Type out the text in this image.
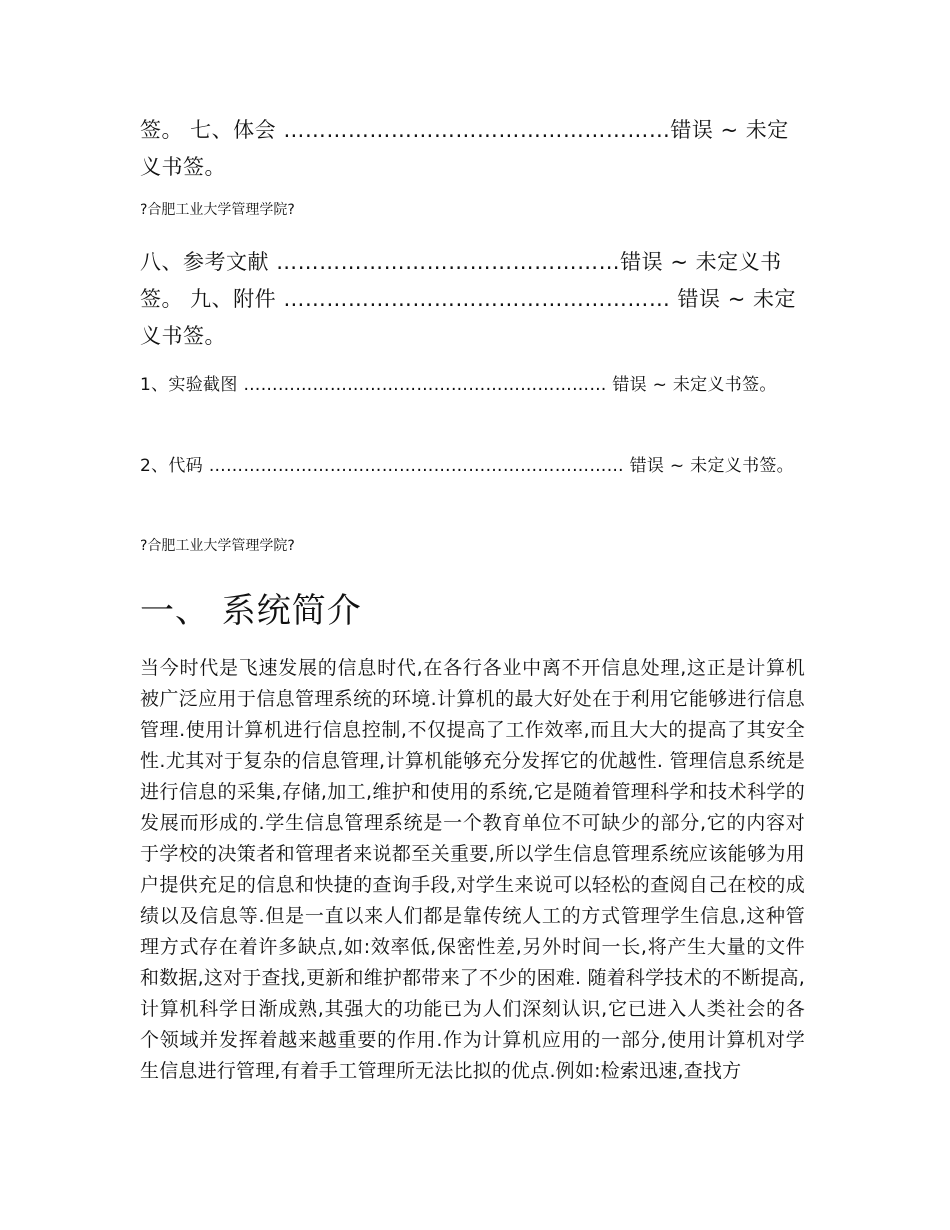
签。 七、体会 ………………………………………………错误 ~ 未定义书签。
?合肥工业大学管理学院?
八、参考文献 …………………………………………错误 ~ 未定义书签。 九、附件 ……………………………………………… 错误 ~ 未定义书签。
1、实验截图 ……………………………………………………… 错误 ~ 未定义书签。
2、代码 ……………………………………………………………… 错误 ~ 未定义书签。
?合肥工业大学管理学院?
一、 系统简介
当今时代是飞速发展的信息时代,在各行各业中离不开信息处理,这正是计算机被广泛应用于信息管理系统的环境.计算机的最大好处在于利用它能够进行信息管理.使用计算机进行信息控制,不仅提高了工作效率,而且大大的提高了其安全性.尤其对于复杂的信息管理,计算机能够充分发挥它的优越性. 管理信息系统是进行信息的采集,存储,加工,维护和使用的系统,它是随着管理科学和技术科学的发展而形成的.学生信息管理系统是一个教育单位不可缺少的部分,它的内容对于学校的决策者和管理者来说都至关重要,所以学生信息管理系统应该能够为用户提供充足的信息和快捷的查询手段,对学生来说可以轻松的查阅自己在校的成绩以及信息等.但是一直以来人们都是靠传统人工的方式管理学生信息,这种管理方式存在着许多缺点,如:效率低,保密性差,另外时间一长,将产生大量的文件和数据,这对于查找,更新和维护都带来了不少的困难. 随着科学技术的不断提高,计算机科学日渐成熟,其强大的功能已为人们深刻认识,它已进入人类社会的各个领域并发挥着越来越重要的作用.作为计算机应用的一部分,使用计算机对学生信息进行管理,有着手工管理所无法比拟的优点.例如:检索迅速,查找方
